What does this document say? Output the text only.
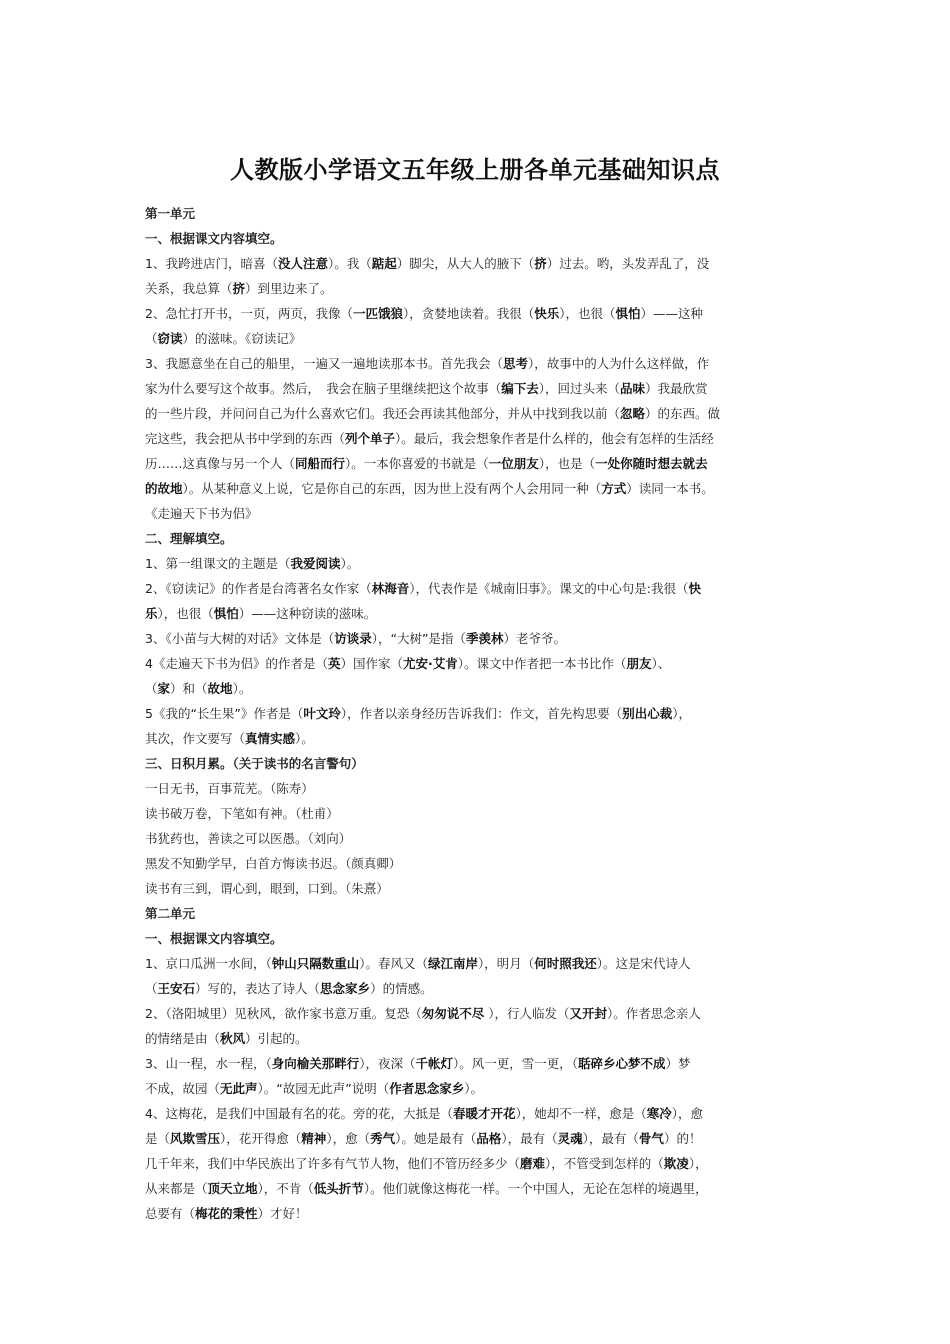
人教版小学语文五年级上册各单元基础知识点
第一单元
一、根据课文内容填空。
1、我跨进店门，暗喜（没人注意）。我（踮起）脚尖，从大人的腋下（挤）过去。哟，头发弄乱了，没
关系，我总算（挤）到里边来了。
2、急忙打开书，一页，两页，我像（一匹饿狼），贪婪地读着。我很（快乐），也很（惧怕）——这种
（窃读）的滋味。《窃读记》
3、我愿意坐在自己的船里，一遍又一遍地读那本书。首先我会（思考），故事中的人为什么这样做，作
家为什么要写这个故事。然后，　我会在脑子里继续把这个故事（编下去），回过头来（品味）我最欣赏
的一些片段，并问问自己为什么喜欢它们。我还会再读其他部分，并从中找到我以前（忽略）的东西。做
完这些，我会把从书中学到的东西（列个单子）。最后，我会想象作者是什么样的，他会有怎样的生活经
历……这真像与另一个人（同船而行）。一本你喜爱的书就是（一位朋友），也是（一处你随时想去就去
的故地）。从某种意义上说，它是你自己的东西，因为世上没有两个人会用同一种（方式）读同一本书。
《走遍天下书为侣》
二、理解填空。
1、第一组课文的主题是（我爱阅读）。
2、《窃读记》的作者是台湾著名女作家（林海音），代表作是《城南旧事》。课文的中心句是:我很（快
乐），也很（惧怕）——这种窃读的滋味。
3、《小苗与大树的对话》文体是（访谈录），“大树”是指（季羡林）老爷爷。
4《走遍天下书为侣》的作者是（英）国作家（尤安·艾肯）。课文中作者把一本书比作（朋友）、
（家）和（故地）。
5《我的“长生果”》作者是（叶文玲），作者以亲身经历告诉我们：作文，首先构思要（别出心裁），
其次，作文要写（真情实感）。
三、日积月累。（关于读书的名言警句）
一日无书，百事荒芜。（陈寿）
读书破万卷，下笔如有神。（杜甫）
书犹药也，善读之可以医愚。（刘向）
黑发不知勤学早，白首方悔读书迟。（颜真卿）
读书有三到，谓心到，眼到，口到。（朱熹）
第二单元
一、根据课文内容填空。
1、京口瓜洲一水间，（钟山只隔数重山）。春风又（绿江南岸），明月（何时照我还）。这是宋代诗人
（王安石）写的，表达了诗人（思念家乡）的情感。
2、（洛阳城里）见秋风，欲作家书意万重。复恐（匆匆说不尽 ），行人临发（又开封）。作者思念亲人
的情绪是由（秋风）引起的。
3、山一程，水一程，（身向榆关那畔行），夜深（千帐灯）。风一更，雪一更，（聒碎乡心梦不成）梦
不成，故园（无此声）。“故园无此声”说明（作者思念家乡）。
4、这梅花，是我们中国最有名的花。旁的花，大抵是（春暖才开花），她却不一样，愈是（寒冷），愈
是（风欺雪压），花开得愈（精神），愈（秀气）。她是最有（品格），最有（灵魂），最有（骨气）的！
几千年来，我们中华民族出了许多有气节人物，他们不管历经多少（磨难），不管受到怎样的（欺凌），
从来都是（顶天立地），不肯（低头折节）。他们就像这梅花一样。一个中国人，无论在怎样的境遇里，
总要有（梅花的秉性）才好！
